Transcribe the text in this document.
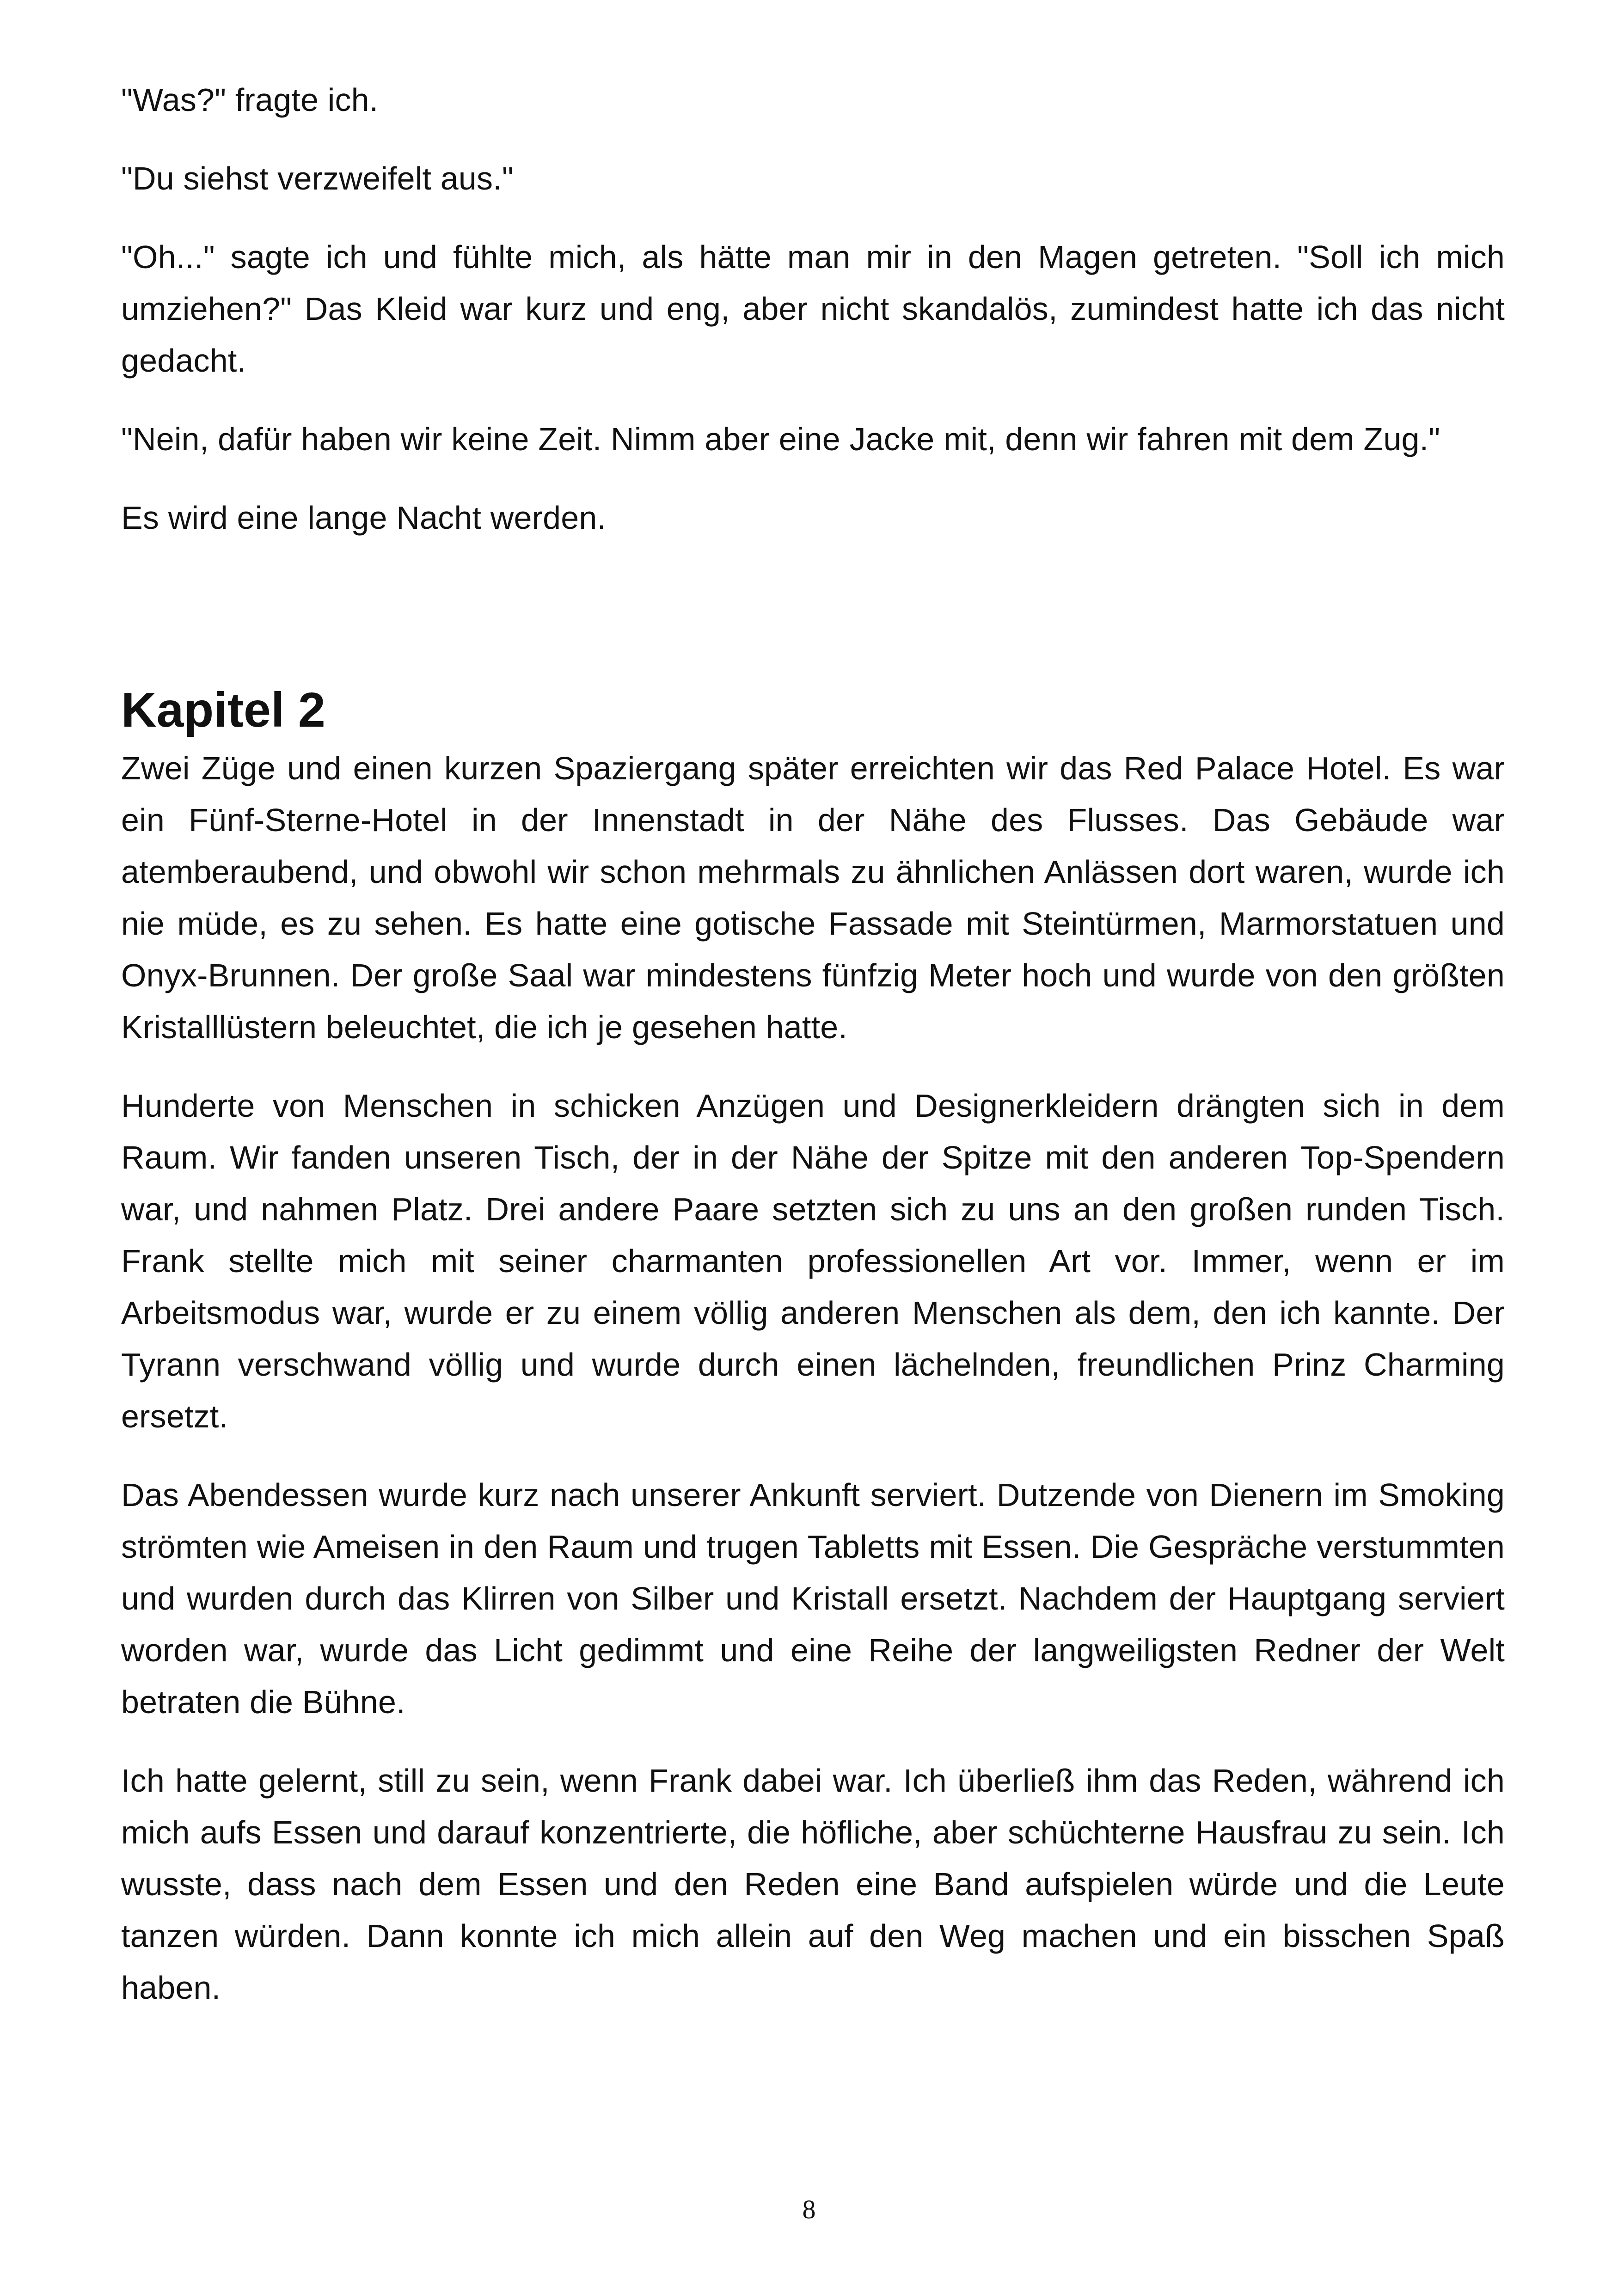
"Was?" fragte ich.

"Du siehst verzweifelt aus."

"Oh..." sagte ich und fühlte mich, als hätte man mir in den Magen getreten. "Soll ich mich umziehen?" Das Kleid war kurz und eng, aber nicht skandalös, zumindest hatte ich das nicht gedacht.

"Nein, dafür haben wir keine Zeit. Nimm aber eine Jacke mit, denn wir fahren mit dem Zug."

Es wird eine lange Nacht werden.

Kapitel 2

Zwei Züge und einen kurzen Spaziergang später erreichten wir das Red Palace Hotel. Es war ein Fünf-Sterne-Hotel in der Innenstadt in der Nähe des Flusses. Das Gebäude war atemberaubend, und obwohl wir schon mehrmals zu ähnlichen Anlässen dort waren, wurde ich nie müde, es zu sehen. Es hatte eine gotische Fassade mit Steintürmen, Marmorstatuen und Onyx-Brunnen. Der große Saal war mindestens fünfzig Meter hoch und wurde von den größten Kristalllüstern beleuchtet, die ich je gesehen hatte.

Hunderte von Menschen in schicken Anzügen und Designerkleidern drängten sich in dem Raum. Wir fanden unseren Tisch, der in der Nähe der Spitze mit den anderen Top-Spendern war, und nahmen Platz. Drei andere Paare setzten sich zu uns an den großen runden Tisch. Frank stellte mich mit seiner charmanten professionellen Art vor. Immer, wenn er im Arbeitsmodus war, wurde er zu einem völlig anderen Menschen als dem, den ich kannte. Der Tyrann verschwand völlig und wurde durch einen lächelnden, freundlichen Prinz Charming ersetzt.

Das Abendessen wurde kurz nach unserer Ankunft serviert. Dutzende von Dienern im Smoking strömten wie Ameisen in den Raum und trugen Tabletts mit Essen. Die Gespräche verstummten und wurden durch das Klirren von Silber und Kristall ersetzt. Nachdem der Hauptgang serviert worden war, wurde das Licht gedimmt und eine Reihe der langweiligsten Redner der Welt betraten die Bühne.

Ich hatte gelernt, still zu sein, wenn Frank dabei war. Ich überließ ihm das Reden, während ich mich aufs Essen und darauf konzentrierte, die höfliche, aber schüchterne Hausfrau zu sein. Ich wusste, dass nach dem Essen und den Reden eine Band aufspielen würde und die Leute tanzen würden. Dann konnte ich mich allein auf den Weg machen und ein bisschen Spaß haben.

8
